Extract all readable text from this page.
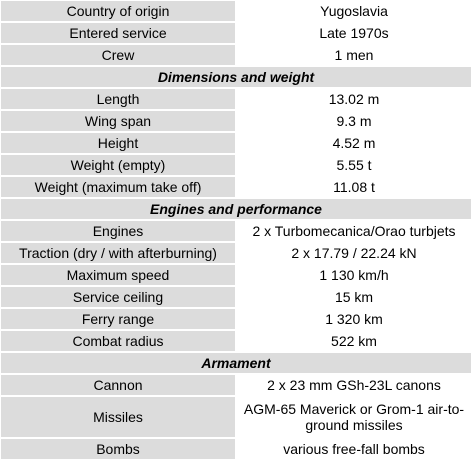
Country of origin	Yugoslavia
Entered service	Late 1970s
Crew	1 men
Dimensions and weight	
Length	13.02 m
Wing span	9.3 m
Height	4.52 m
Weight (empty)	5.55 t
Weight (maximum take off)	11.08 t
Engines and performance	
Engines	2 x Turbomecanica/Orao turbjets
Traction (dry / with afterburning)	2 x 17.79 / 22.24 kN
Maximum speed	1 130 km/h
Service ceiling	15 km
Ferry range	1 320 km
Combat radius	522 km
Armament	
Cannon	2 x 23 mm GSh-23L canons
Missiles	AGM-65 Maverick or Grom-1 air-to-ground missiles
Bombs	various free-fall bombs
